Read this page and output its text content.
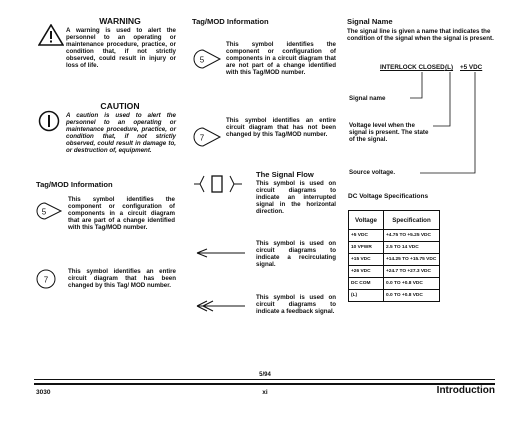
WARNING
A warning is used to alert the personnel to an operating or maintenance procedure, practice, or condition that, if not strictly observed, could result in injury or loss of life.
CAUTION
A caution is used to alert the personnel to an operating or maintenance procedure, practice, or condition that, if not strictly observed, could result in damage to, or destruction of, equipment.
Tag/MOD Information
5
This symbol identifies the component or configuration of components in a circuit diagram that are part of a change identified with this Tag/MOD number.
7
This symbol identifies an entire circuit diagram that has been changed by this Tag/ MOD number.
Tag/MOD Information
5
This symbol identifies the component or configuration of components in a circuit diagram that are not part of a change identified with this Tag/MOD number.
7
This symbol identifies an entire circuit diagram that has not been changed by this Tag/MOD number.
The Signal Flow
This symbol is used on circuit diagrams to indicate an interrupted signal in the horizontal direction.
This symbol is used on circuit diagrams to indicate a recirculating signal.
This symbol is used on circuit diagrams to indicate a feedback signal.
Signal Name
The signal line is given a name that indicates the condition of the signal when the signal is present.
INTERLOCK CLOSED (L) +5 VDC
Signal name
Voltage level when the signal is present. The state of the signal.
Source voltage.
DC Voltage Specifications
Voltage	Specification
+5 VDC	+4.75 TO +5.25 VDC
10 VFWR	2.5 TO 14 VDC
+15 VDC	+14.25 TO +15.75 VDC
+26 VDC	+24.7 TO +27.3 VDC
DC COM	0.0 TO +0.8 VDC
(L)	0.0 TO +0.8 VDC
3030
5/94
xi	Introduction
